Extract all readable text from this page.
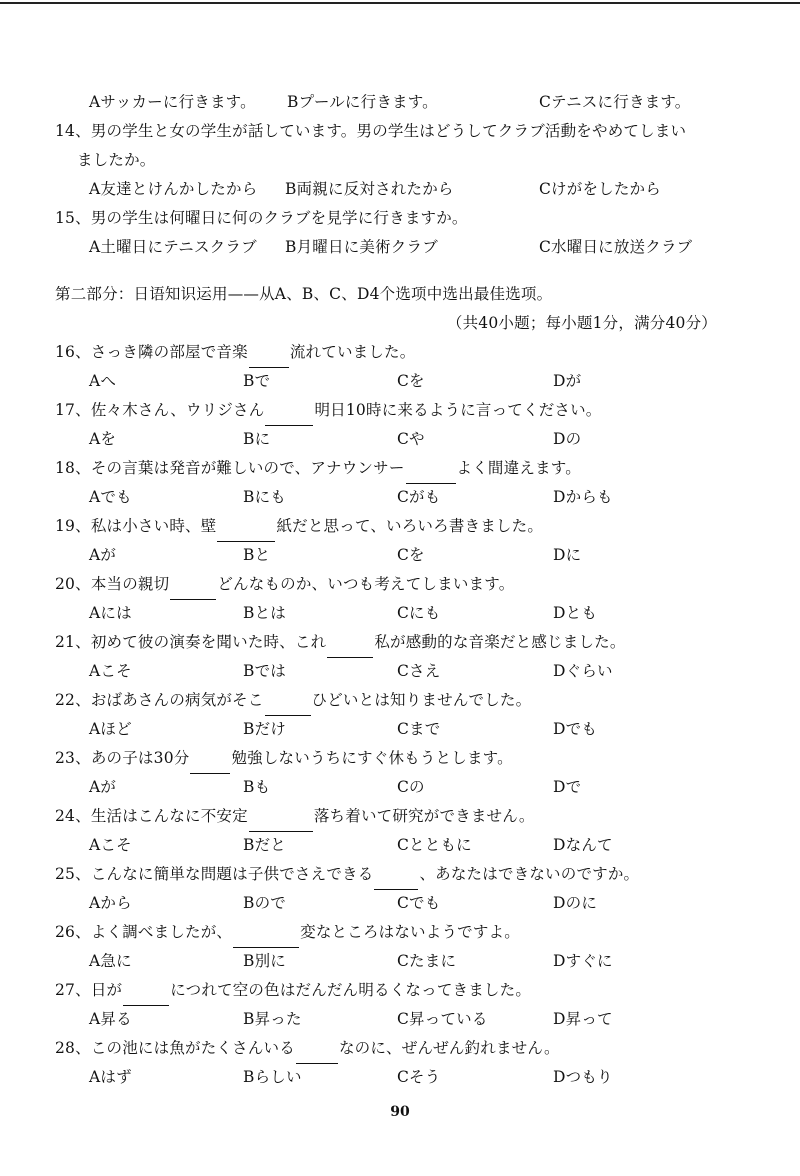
Aサッカーに行きます。 Bプールに行きます。	Cテニスに行きます。
14、男の学生と女の学生が話しています。男の学生はどうしてクラブ活動をやめてしまい
ましたか。
A友達とけんかしたから B両親に反対されたから	Cけがをしたから
15、男の学生は何曜日に何のクラブを見学に行きますか。
A土曜日にテニスクラブ B月曜日に美術クラブ	C水曜日に放送クラブ
第二部分：日语知识运用——从A、B、C、D4个选项中选出最佳选项。
（共40小题；每小题1分，满分40分）
16、さっき隣の部屋で音楽	流れていました。
Aへ	Bで	Cを	Dが
17、佐々木さん、ウリジさん	明日10時に来るように言ってください。
Aを	Bに	Cや	Dの
18、その言葉は発音が難しいので、アナウンサー	よく間違えます。
Aでも	Bにも	Cがも	Dからも
19、私は小さい時、壁	紙だと思って、いろいろ書きました。
Aが	Bと	Cを	Dに
20、本当の親切	どんなものか、いつも考えてしまいます。
Aには	Bとは	Cにも	Dとも
21、初めて彼の演奏を聞いた時、これ	私が感動的な音楽だと感じました。
Aこそ	Bでは	Cさえ	Dぐらい
22、おばあさんの病気がそこ	ひどいとは知りませんでした。
Aほど	Bだけ	Cまで	Dでも
23、あの子は30分	勉強しないうちにすぐ休もうとします。
Aが	Bも	Cの	Dで
24、生活はこんなに不安定	落ち着いて研究ができません。
Aこそ	Bだと	Cとともに	Dなんて
25、こんなに簡単な問題は子供でさえできる	、あなたはできないのですか。
Aから	Bので	Cでも	Dのに
26、よく調べましたが、	変なところはないようですよ。
A急に	B別に	Cたまに	Dすぐに
27、日が	につれて空の色はだんだん明るくなってきました。
A昇る	B昇った	C昇っている	D昇って
28、この池には魚がたくさんいる	なのに、ぜんぜん釣れません。
Aはず	Bらしい	Cそう	Dつもり
90
